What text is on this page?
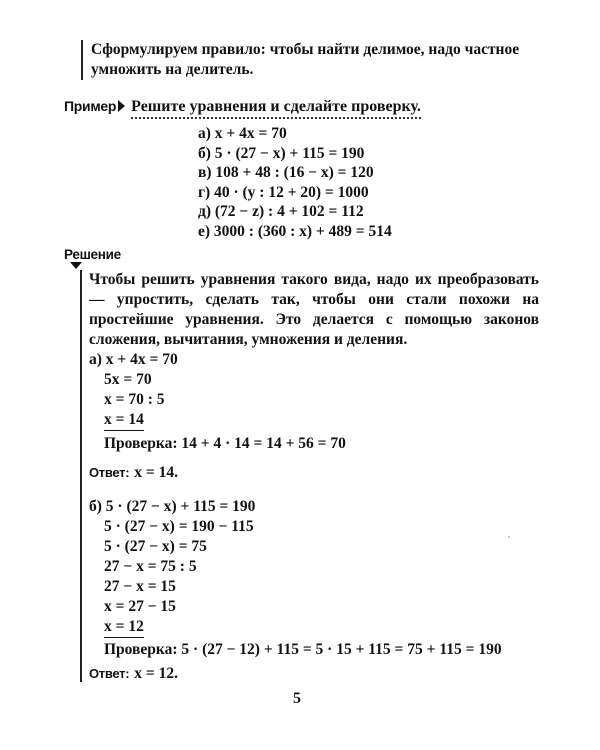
Сформулируем правило: чтобы найти делимое, надо частное умножить на делитель.
Пример Решите уравнения и сделайте проверку.
а) x + 4x = 70
б) 5 · (27 − x) + 115 = 190
в) 108 + 48 : (16 − x) = 120
г) 40 · (y : 12 + 20) = 1000
д) (72 − z) : 4 + 102 = 112
е) 3000 : (360 : x) + 489 = 514
Решение
Чтобы решить уравнения такого вида, надо их преобразовать — упростить, сделать так, чтобы они стали похожи на простейшие уравнения. Это делается с помощью законов сложения, вычитания, умножения и деления.
а) x + 4x = 70
5x = 70
x = 70 : 5
x = 14
Проверка: 14 + 4 · 14 = 14 + 56 = 70
Ответ: x = 14.
б) 5 · (27 − x) + 115 = 190
5 · (27 − x) = 190 − 115
5 · (27 − x) = 75
27 − x = 75 : 5
27 − x = 15
x = 27 − 15
x = 12
Проверка: 5 · (27 − 12) + 115 = 5 · 15 + 115 = 75 + 115 = 190
Ответ: x = 12.
5
